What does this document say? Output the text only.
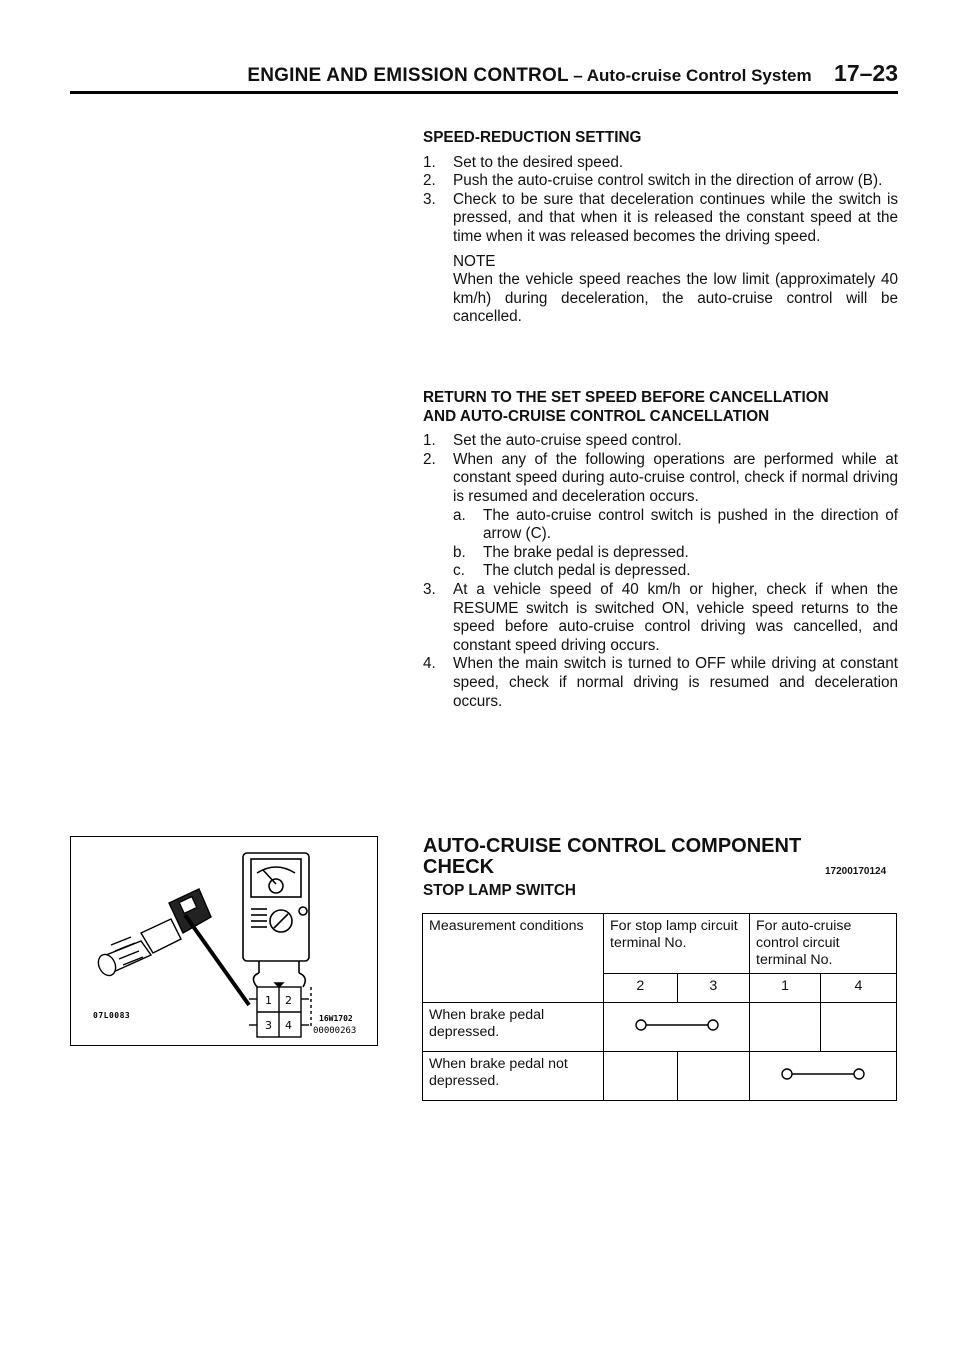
ENGINE AND EMISSION CONTROL – Auto-cruise Control System 17–23
SPEED-REDUCTION SETTING
1. Set to the desired speed.
2. Push the auto-cruise control switch in the direction of arrow (B).
3. Check to be sure that deceleration continues while the switch is pressed, and that when it is released the constant speed at the time when it was released becomes the driving speed.
NOTE
When the vehicle speed reaches the low limit (approximately 40 km/h) during deceleration, the auto-cruise control will be cancelled.
RETURN TO THE SET SPEED BEFORE CANCELLATION
AND AUTO-CRUISE CONTROL CANCELLATION
1. Set the auto-cruise speed control.
2. When any of the following operations are performed while at constant speed during auto-cruise control, check if normal driving is resumed and deceleration occurs.
a. The auto-cruise control switch is pushed in the direction of arrow (C).
b. The brake pedal is depressed.
c. The clutch pedal is depressed.
3. At a vehicle speed of 40 km/h or higher, check if when the RESUME switch is switched ON, vehicle speed returns to the speed before auto-cruise control driving was cancelled, and constant speed driving occurs.
4. When the main switch is turned to OFF while driving at constant speed, check if normal driving is resumed and deceleration occurs.
AUTO-CRUISE CONTROL COMPONENT
CHECK	17200170124
STOP LAMP SWITCH
Measurement conditions	For stop lamp circuit terminal No.		For auto-cruise control circuit terminal No.	
	2	3	1	4
When brake pedal depressed.			
When brake pedal not depressed.			
1 2
3 4
07L0083	16W1702
00000263
